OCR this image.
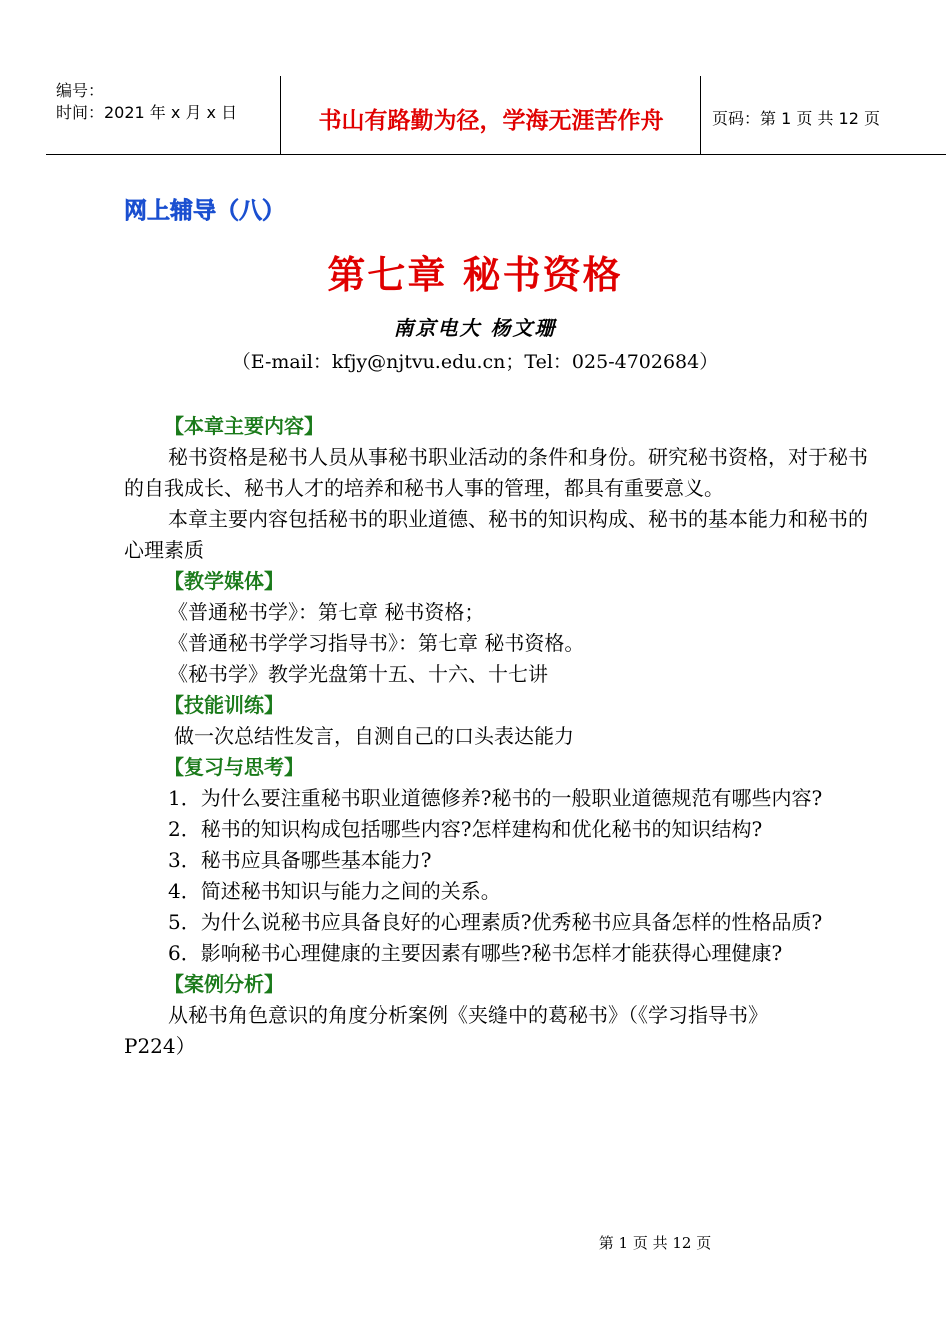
编号：
时间：2021 年 x 月 x 日	书山有路勤为径，学海无涯苦作舟	页码：第 1 页 共 12 页
网上辅导（八）
第七章 秘书资格
南京电大 杨文珊
（E-mail：kfjy@njtvu.edu.cn；Tel：025-4702684）

【本章主要内容】

秘书资格是秘书人员从事秘书职业活动的条件和身份。研究秘书资格，对于秘书的自我成长、秘书人才的培养和秘书人事的管理，都具有重要意义。

本章主要内容包括秘书的职业道德、秘书的知识构成、秘书的基本能力和秘书的心理素质

【教学媒体】

《普通秘书学》：第七章 秘书资格；

《普通秘书学学习指导书》：第七章 秘书资格。

《秘书学》教学光盘第十五、十六、十七讲

【技能训练】

做一次总结性发言，自测自己的口头表达能力

【复习与思考】

1．为什么要注重秘书职业道德修养?秘书的一般职业道德规范有哪些内容?

2．秘书的知识构成包括哪些内容?怎样建构和优化秘书的知识结构?

3．秘书应具备哪些基本能力?

4．简述秘书知识与能力之间的关系。

5．为什么说秘书应具备良好的心理素质?优秀秘书应具备怎样的性格品质?

6．影响秘书心理健康的主要因素有哪些?秘书怎样才能获得心理健康?

【案例分析】

从秘书角色意识的角度分析案例《夹缝中的葛秘书》（《学习指导书》P224）

第 1 页 共 12 页
